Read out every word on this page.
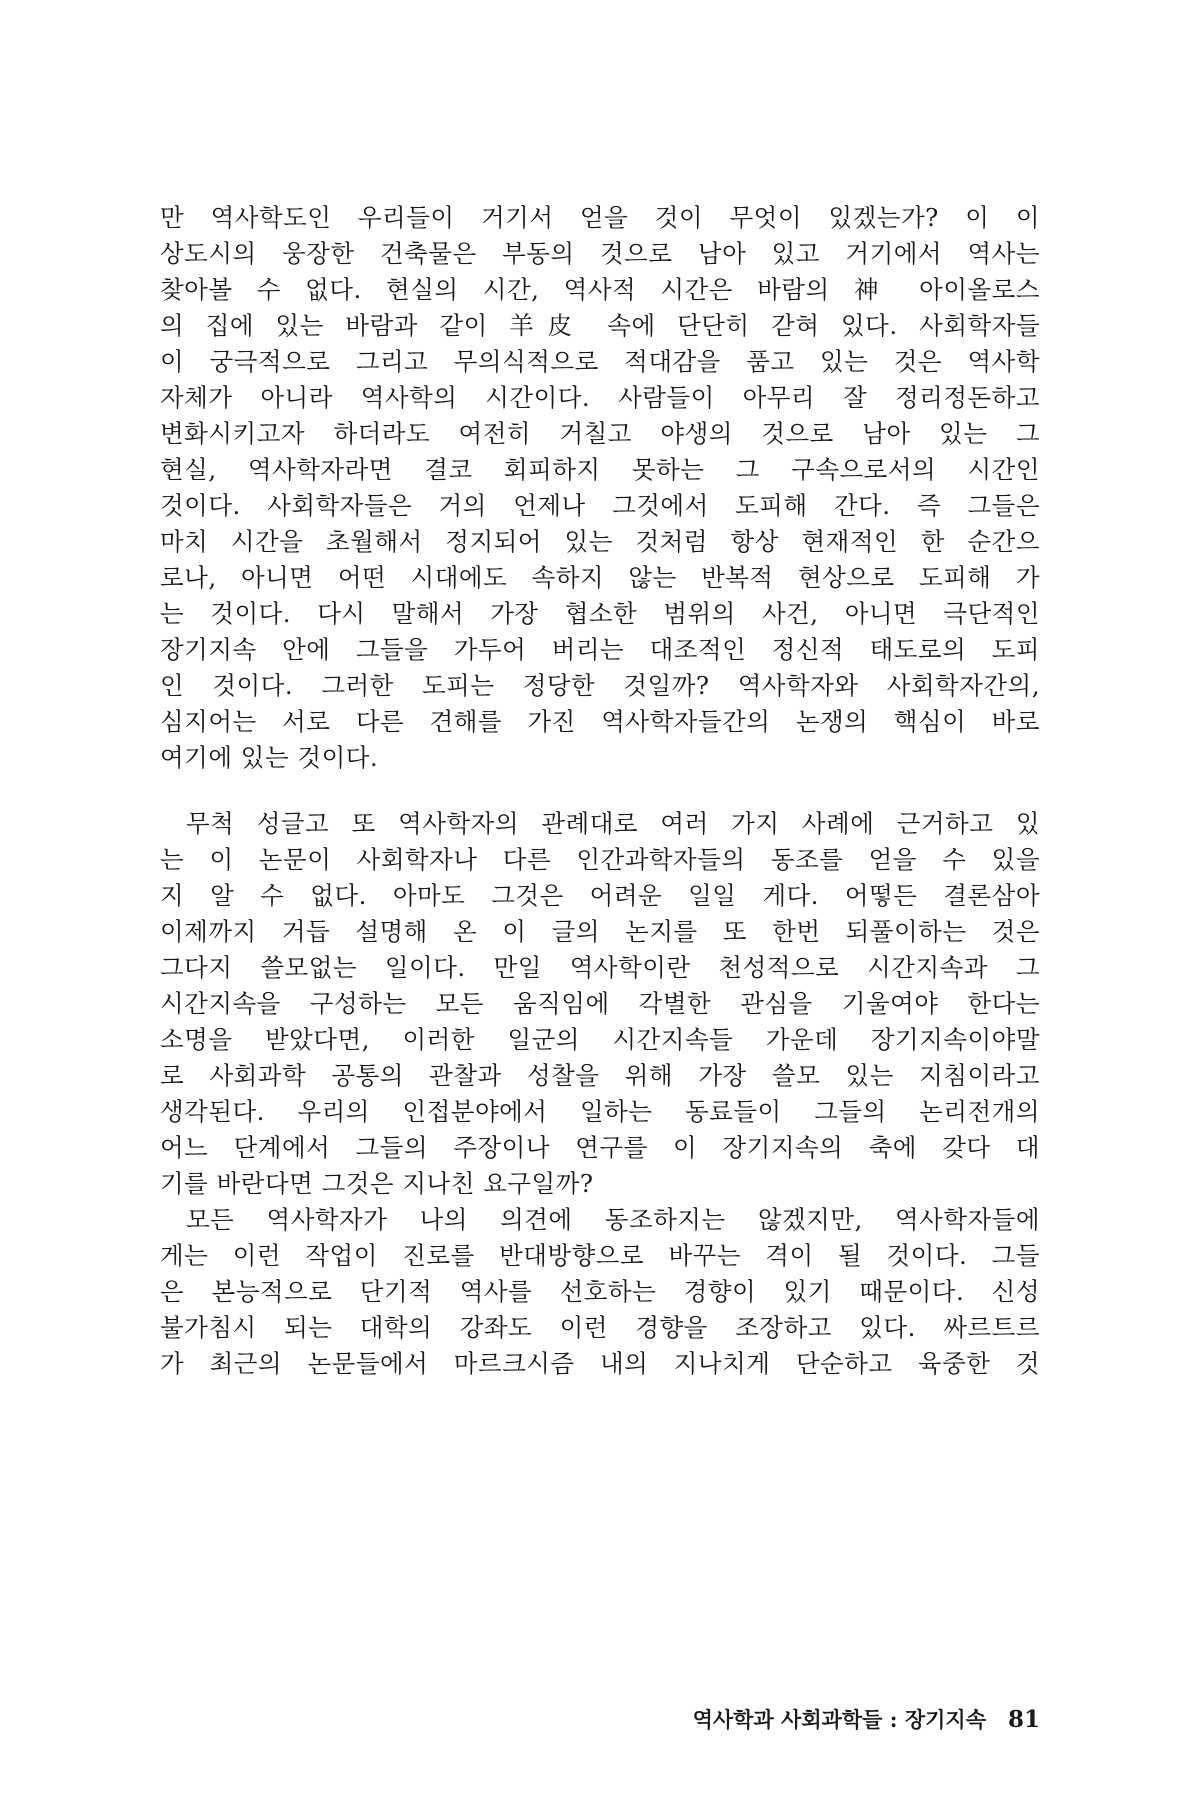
만 역사학도인 우리들이 거기서 얻을 것이 무엇이 있겠는가? 이 이
상도시의 웅장한 건축물은 부동의 것으로 남아 있고 거기에서 역사는
찾아볼 수 없다. 현실의 시간, 역사적 시간은 바람의 神 아이올로스
의 집에 있는 바람과 같이 羊皮 속에 단단히 갇혀 있다. 사회학자들
이 궁극적으로 그리고 무의식적으로 적대감을 품고 있는 것은 역사학
자체가 아니라 역사학의 시간이다. 사람들이 아무리 잘 정리정돈하고
변화시키고자 하더라도 여전히 거칠고 야생의 것으로 남아 있는 그
현실, 역사학자라면 결코 회피하지 못하는 그 구속으로서의 시간인
것이다. 사회학자들은 거의 언제나 그것에서 도피해 간다. 즉 그들은
마치 시간을 초월해서 정지되어 있는 것처럼 항상 현재적인 한 순간으
로나, 아니면 어떤 시대에도 속하지 않는 반복적 현상으로 도피해 가
는 것이다. 다시 말해서 가장 협소한 범위의 사건, 아니면 극단적인
장기지속 안에 그들을 가두어 버리는 대조적인 정신적 태도로의 도피
인 것이다. 그러한 도피는 정당한 것일까? 역사학자와 사회학자간의,
심지어는 서로 다른 견해를 가진 역사학자들간의 논쟁의 핵심이 바로
여기에 있는 것이다.
무척 성글고 또 역사학자의 관례대로 여러 가지 사례에 근거하고 있
는 이 논문이 사회학자나 다른 인간과학자들의 동조를 얻을 수 있을
지 알 수 없다. 아마도 그것은 어려운 일일 게다. 어떻든 결론삼아
이제까지 거듭 설명해 온 이 글의 논지를 또 한번 되풀이하는 것은
그다지 쓸모없는 일이다. 만일 역사학이란 천성적으로 시간지속과 그
시간지속을 구성하는 모든 움직임에 각별한 관심을 기울여야 한다는
소명을 받았다면, 이러한 일군의 시간지속들 가운데 장기지속이야말
로 사회과학 공통의 관찰과 성찰을 위해 가장 쓸모 있는 지침이라고
생각된다. 우리의 인접분야에서 일하는 동료들이 그들의 논리전개의
어느 단계에서 그들의 주장이나 연구를 이 장기지속의 축에 갖다 대
기를 바란다면 그것은 지나친 요구일까?
모든 역사학자가 나의 의견에 동조하지는 않겠지만, 역사학자들에
게는 이런 작업이 진로를 반대방향으로 바꾸는 격이 될 것이다. 그들
은 본능적으로 단기적 역사를 선호하는 경향이 있기 때문이다. 신성
불가침시 되는 대학의 강좌도 이런 경향을 조장하고 있다. 싸르트르
가 최근의 논문들에서 마르크시즘 내의 지나치게 단순하고 육중한 것
역사학과 사회과학들 : 장기지속 81
